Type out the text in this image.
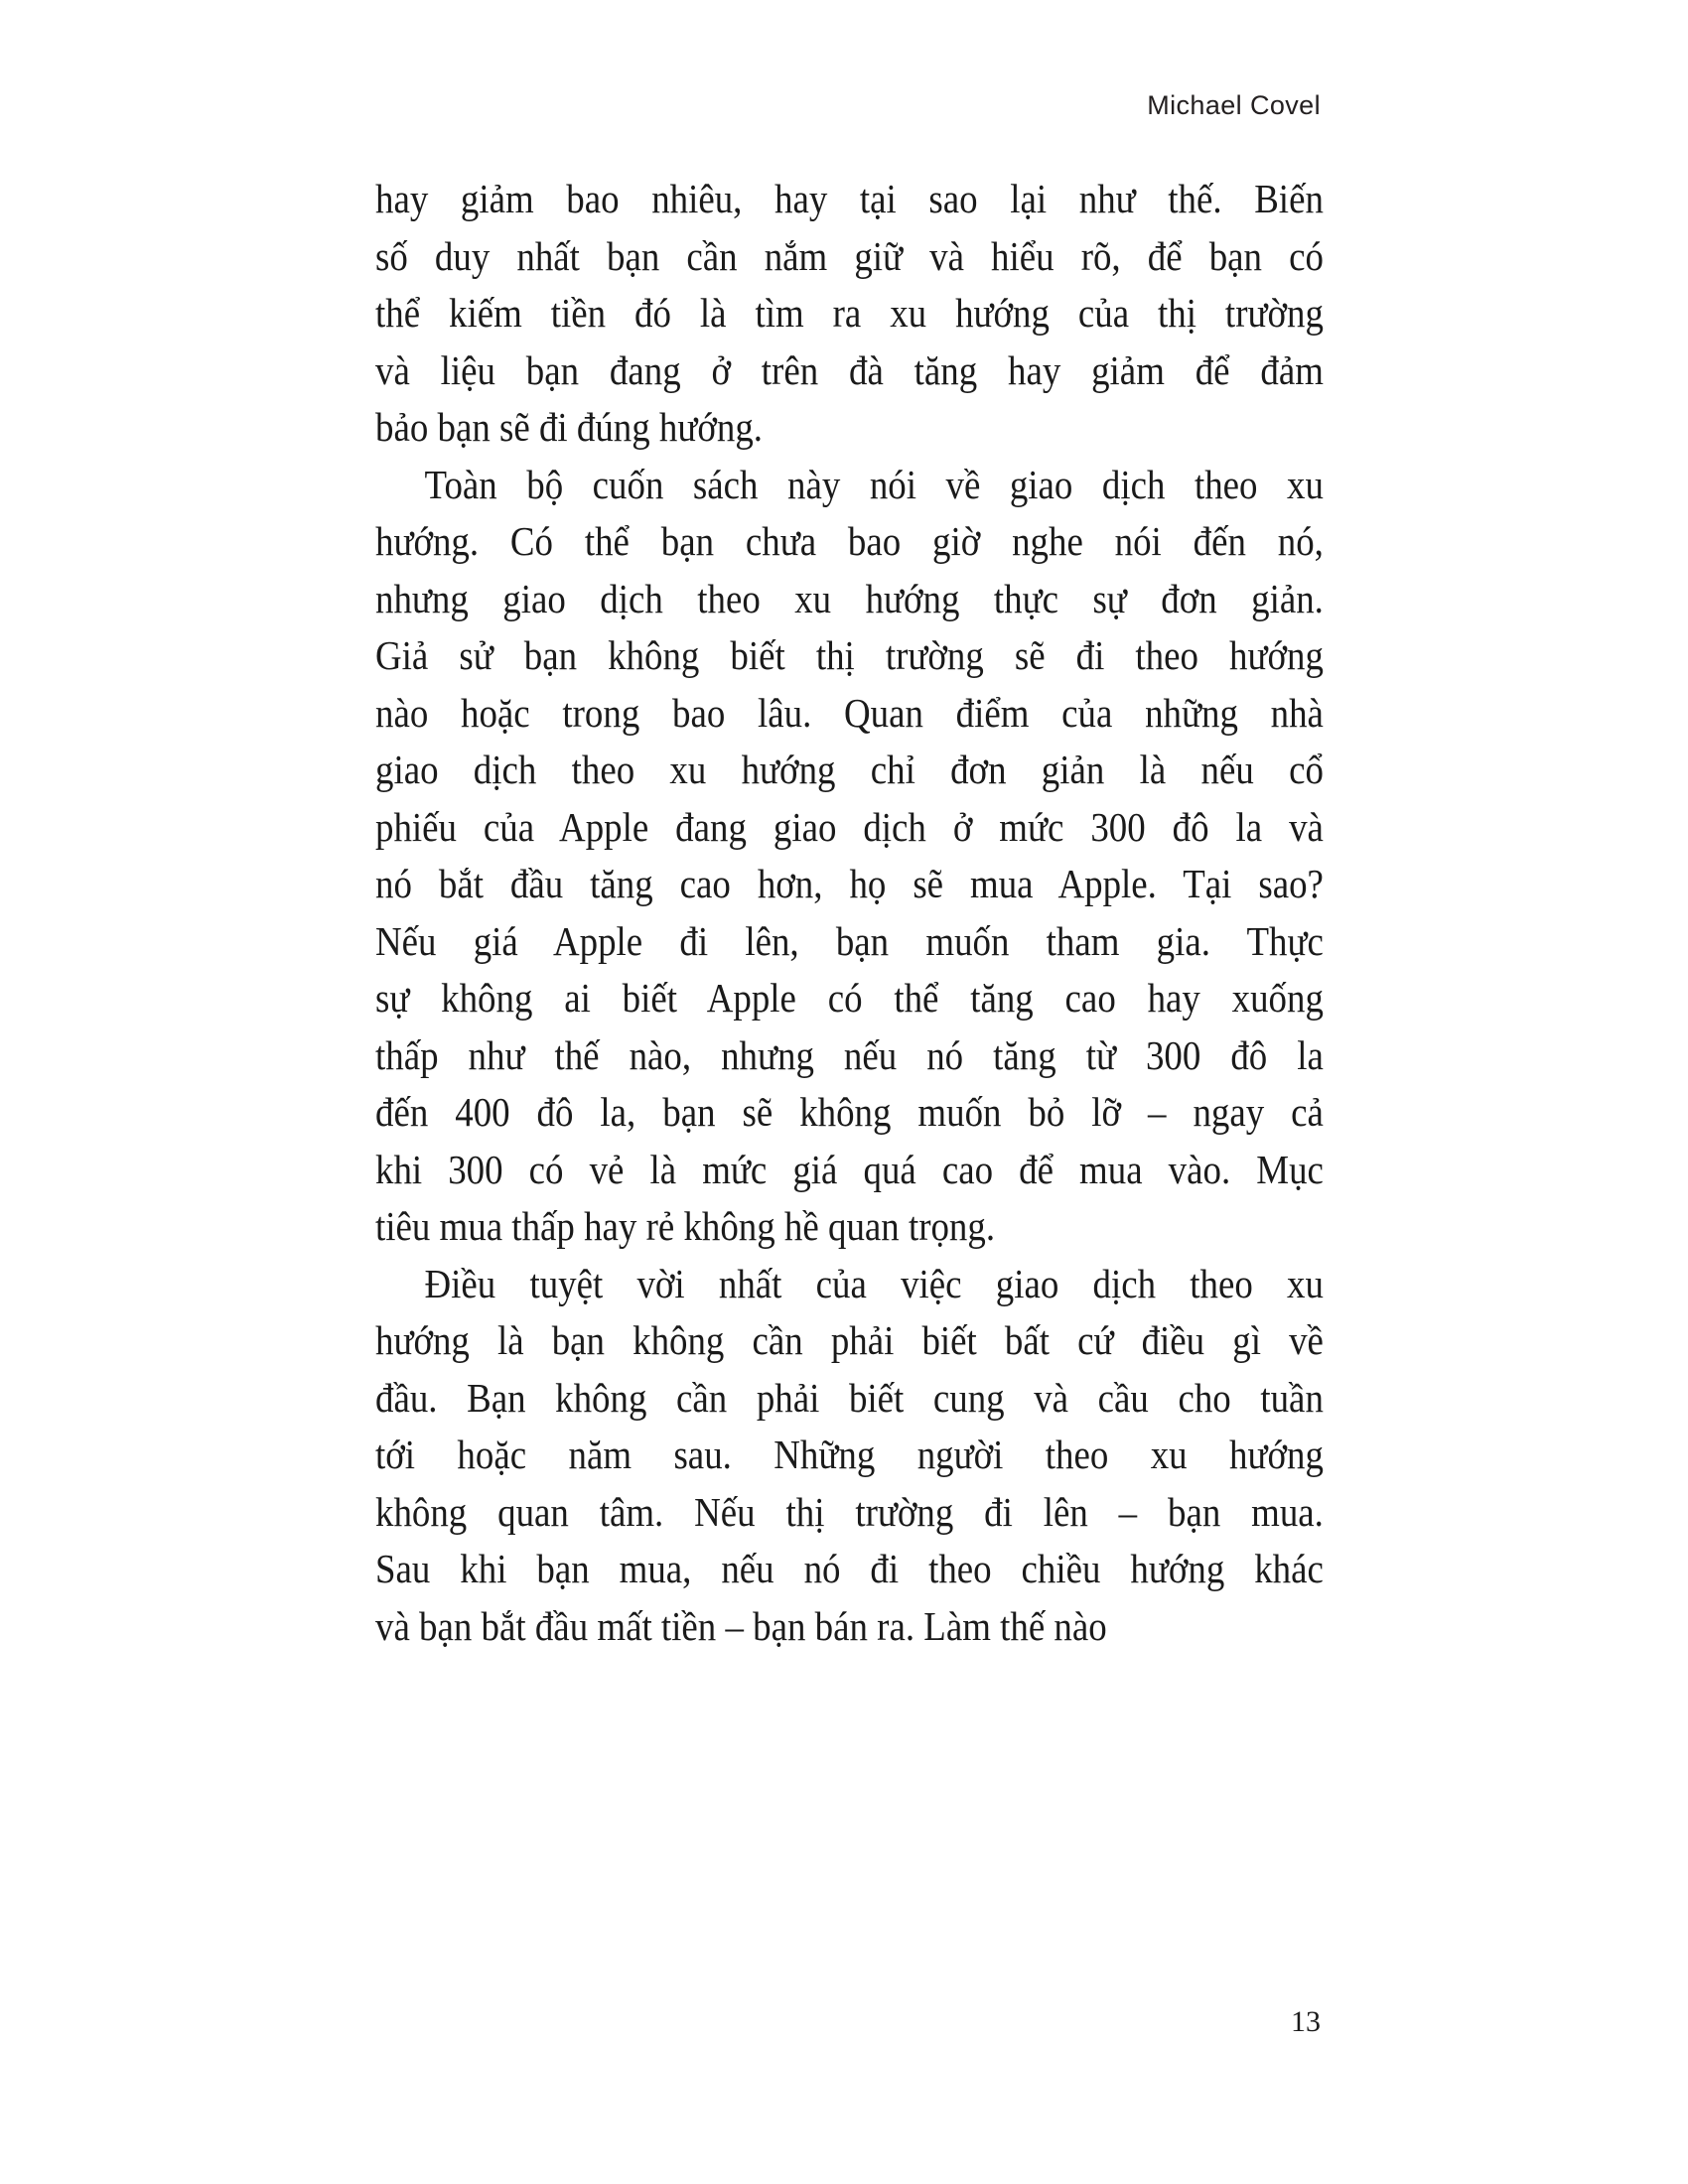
Michael Covel

hay giảm bao nhiêu, hay tại sao lại như thế. Biến
số duy nhất bạn cần nắm giữ và hiểu rõ, để bạn có
thể kiếm tiền đó là tìm ra xu hướng của thị trường
và liệu bạn đang ở trên đà tăng hay giảm để đảm
bảo bạn sẽ đi đúng hướng.

Toàn bộ cuốn sách này nói về giao dịch theo xu
hướng. Có thể bạn chưa bao giờ nghe nói đến nó,
nhưng giao dịch theo xu hướng thực sự đơn giản.
Giả sử bạn không biết thị trường sẽ đi theo hướng
nào hoặc trong bao lâu. Quan điểm của những nhà
giao dịch theo xu hướng chỉ đơn giản là nếu cổ
phiếu của Apple đang giao dịch ở mức 300 đô la và
nó bắt đầu tăng cao hơn, họ sẽ mua Apple. Tại sao?
Nếu giá Apple đi lên, bạn muốn tham gia. Thực
sự không ai biết Apple có thể tăng cao hay xuống
thấp như thế nào, nhưng nếu nó tăng từ 300 đô la
đến 400 đô la, bạn sẽ không muốn bỏ lỡ – ngay cả
khi 300 có vẻ là mức giá quá cao để mua vào. Mục
tiêu mua thấp hay rẻ không hề quan trọng.

Điều tuyệt vời nhất của việc giao dịch theo xu
hướng là bạn không cần phải biết bất cứ điều gì về
đầu. Bạn không cần phải biết cung và cầu cho tuần
tới hoặc năm sau. Những người theo xu hướng
không quan tâm. Nếu thị trường đi lên – bạn mua.
Sau khi bạn mua, nếu nó đi theo chiều hướng khác
và bạn bắt đầu mất tiền – bạn bán ra. Làm thế nào

13
